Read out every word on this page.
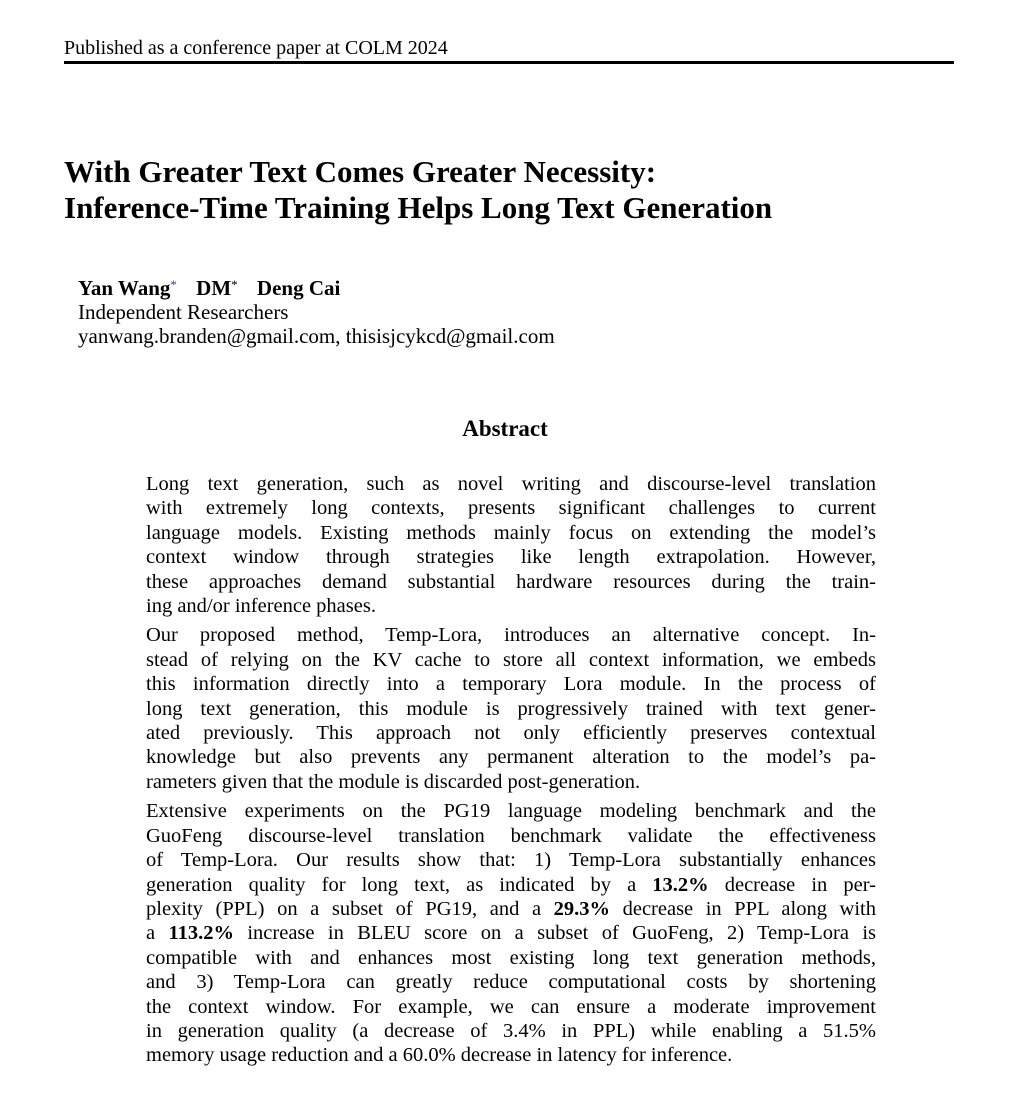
Published as a conference paper at COLM 2024
With Greater Text Comes Greater Necessity:
Inference-Time Training Helps Long Text Generation
Yan Wang* DM* Deng Cai
Independent Researchers
yanwang.branden@gmail.com, thisisjcykcd@gmail.com
Abstract

Long text generation, such as novel writing and discourse-level translation
with extremely long contexts, presents significant challenges to current
language models. Existing methods mainly focus on extending the model’s
context window through strategies like length extrapolation. However,
these approaches demand substantial hardware resources during the train-
ing and/or inference phases.

Our proposed method, Temp-Lora, introduces an alternative concept. In-
stead of relying on the KV cache to store all context information, we embeds
this information directly into a temporary Lora module. In the process of
long text generation, this module is progressively trained with text gener-
ated previously. This approach not only efficiently preserves contextual
knowledge but also prevents any permanent alteration to the model’s pa-
rameters given that the module is discarded post-generation.

Extensive experiments on the PG19 language modeling benchmark and the
GuoFeng discourse-level translation benchmark validate the effectiveness
of Temp-Lora. Our results show that: 1) Temp-Lora substantially enhances
generation quality for long text, as indicated by a 13.2% decrease in per-
plexity (PPL) on a subset of PG19, and a 29.3% decrease in PPL along with
a 113.2% increase in BLEU score on a subset of GuoFeng, 2) Temp-Lora is
compatible with and enhances most existing long text generation methods,
and 3) Temp-Lora can greatly reduce computational costs by shortening
the context window. For example, we can ensure a moderate improvement
in generation quality (a decrease of 3.4% in PPL) while enabling a 51.5%
memory usage reduction and a 60.0% decrease in latency for inference.
